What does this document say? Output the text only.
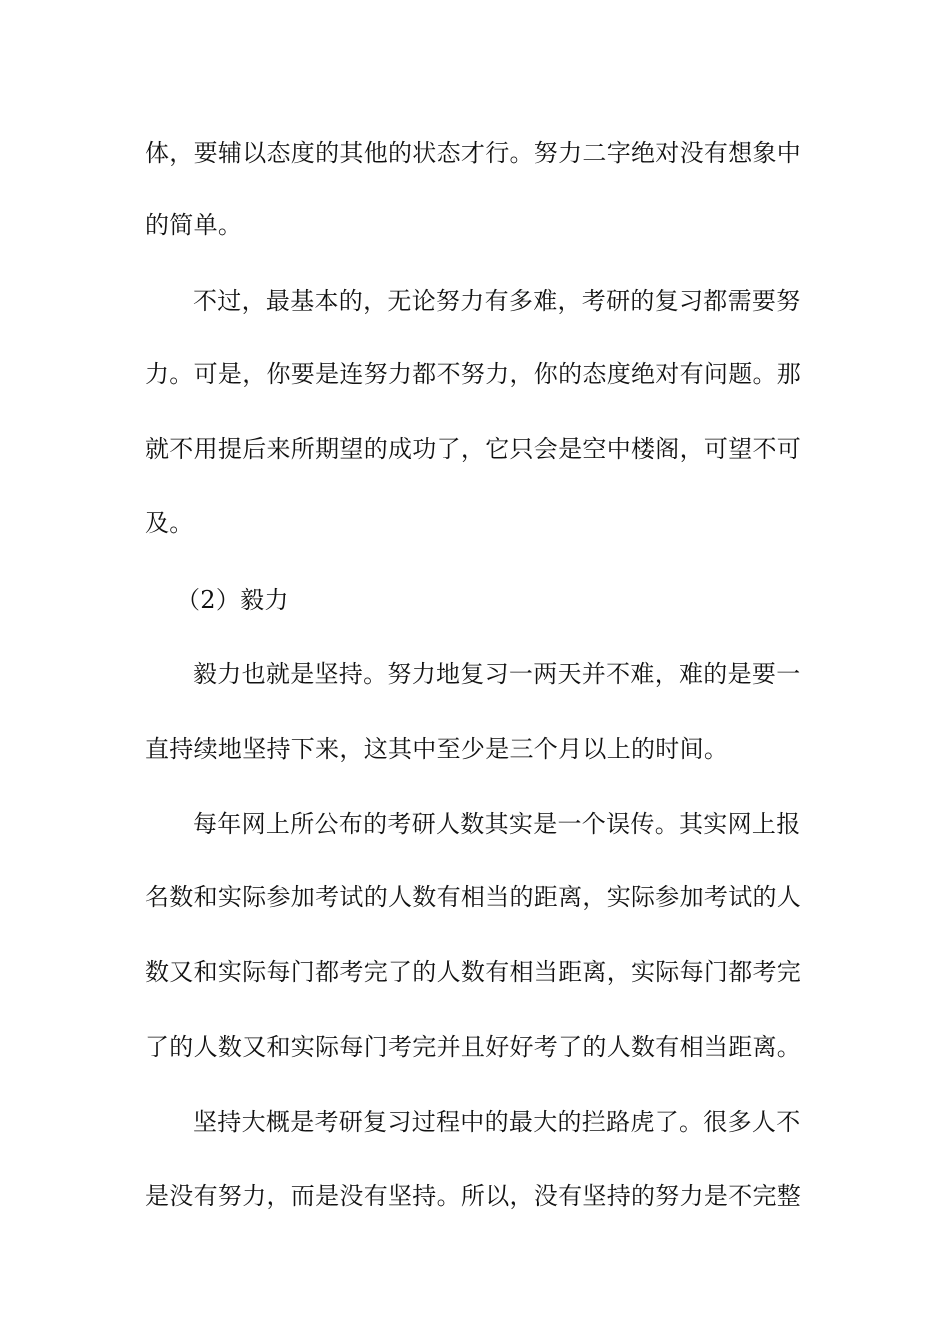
体，要辅以态度的其他的状态才行。努力二字绝对没有想象中

的简单。

不过，最基本的，无论努力有多难，考研的复习都需要努

力。可是，你要是连努力都不努力，你的态度绝对有问题。那

就不用提后来所期望的成功了，它只会是空中楼阁，可望不可

及。

（2）毅力

毅力也就是坚持。努力地复习一两天并不难，难的是要一

直持续地坚持下来，这其中至少是三个月以上的时间。

每年网上所公布的考研人数其实是一个误传。其实网上报

名数和实际参加考试的人数有相当的距离，实际参加考试的人

数又和实际每门都考完了的人数有相当距离，实际每门都考完

了的人数又和实际每门考完并且好好考了的人数有相当距离。

坚持大概是考研复习过程中的最大的拦路虎了。很多人不

是没有努力，而是没有坚持。所以，没有坚持的努力是不完整
